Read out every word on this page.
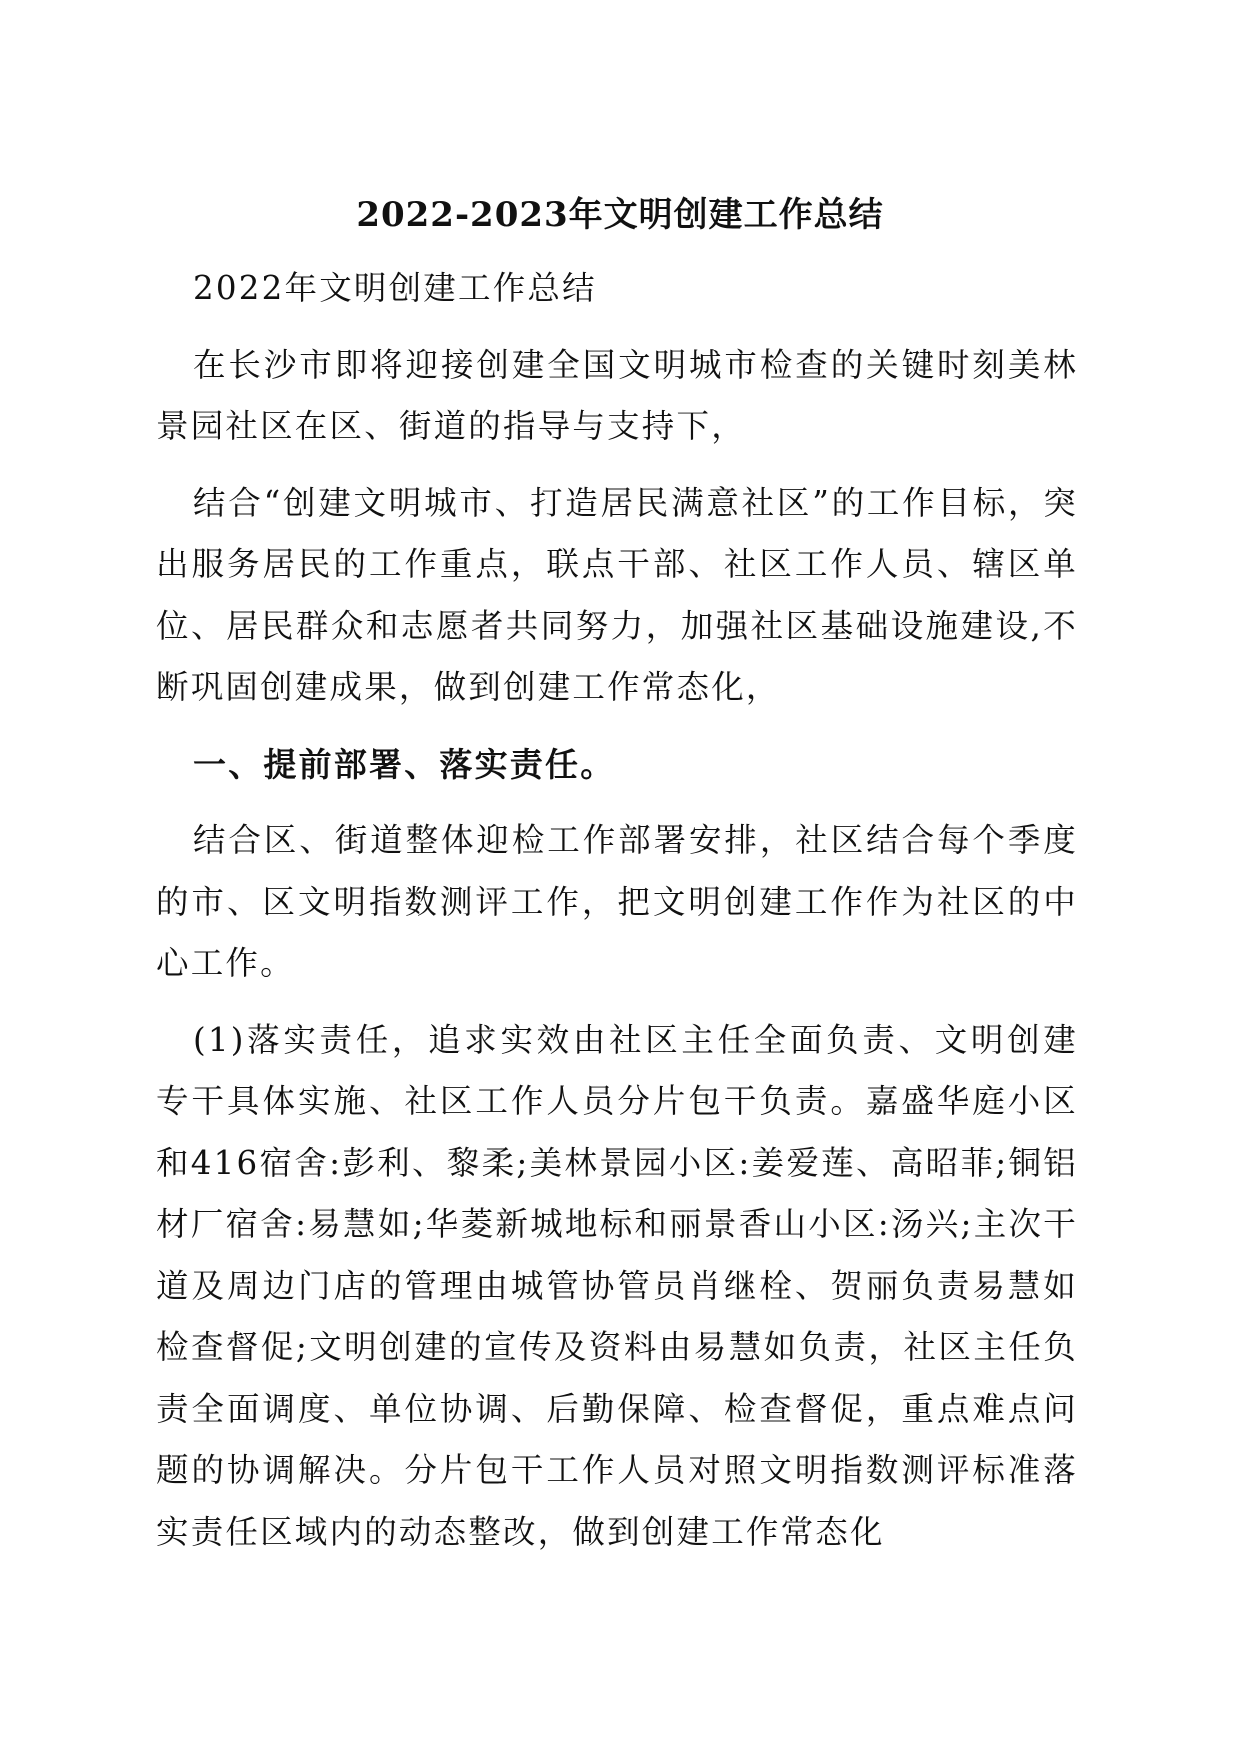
2022-2023年文明创建工作总结

2022年文明创建工作总结

在长沙市即将迎接创建全国文明城市检查的关键时刻美林景园社区在区、街道的指导与支持下，

结合“创建文明城市、打造居民满意社区”的工作目标，突出服务居民的工作重点，联点干部、社区工作人员、辖区单位、居民群众和志愿者共同努力，加强社区基础设施建设,不断巩固创建成果，做到创建工作常态化，

一、提前部署、落实责任。

结合区、街道整体迎检工作部署安排，社区结合每个季度的市、区文明指数测评工作，把文明创建工作作为社区的中心工作。

(1)落实责任，追求实效由社区主任全面负责、文明创建专干具体实施、社区工作人员分片包干负责。嘉盛华庭小区和416宿舍:彭利、黎柔;美林景园小区:姜爱莲、高昭菲;铜铝材厂宿舍:易慧如;华菱新城地标和丽景香山小区:汤兴;主次干道及周边门店的管理由城管协管员肖继栓、贺丽负责易慧如检查督促;文明创建的宣传及资料由易慧如负责，社区主任负责全面调度、单位协调、后勤保障、检查督促，重点难点问题的协调解决。分片包干工作人员对照文明指数测评标准落实责任区域内的动态整改，做到创建工作常态化
